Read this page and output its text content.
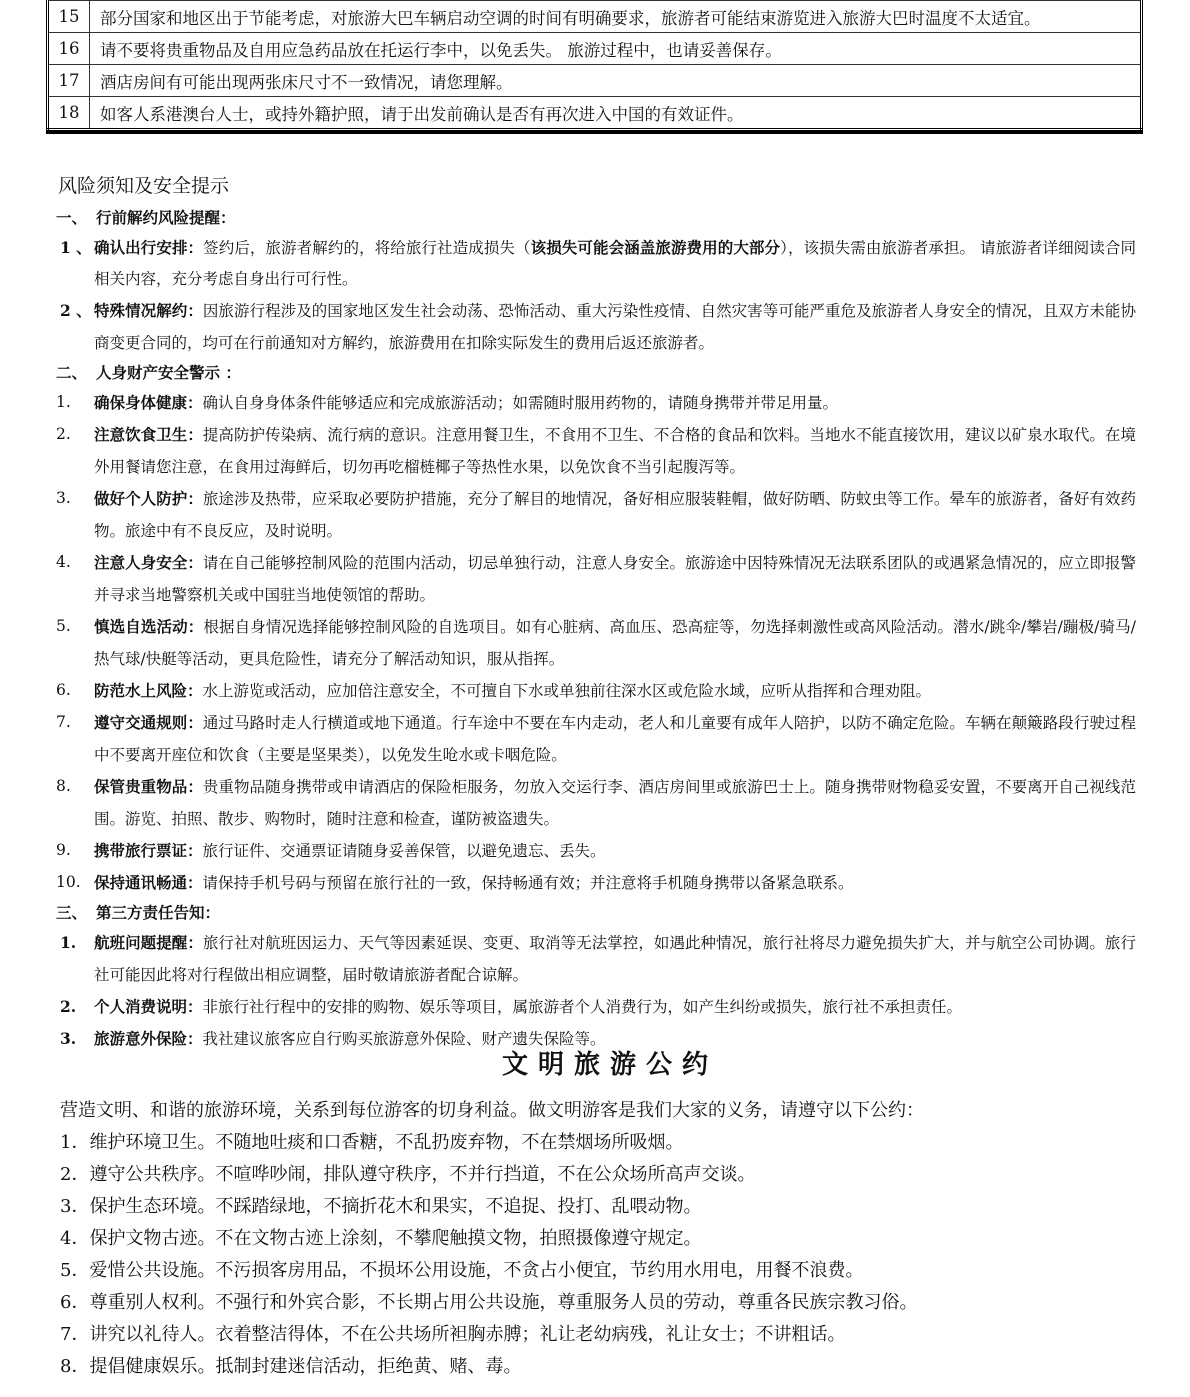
15	部分国家和地区出于节能考虑，对旅游大巴车辆启动空调的时间有明确要求，旅游者可能结束游览进入旅游大巴时温度不太适宜。
16	请不要将贵重物品及自用应急药品放在托运行李中，以免丢失。 旅游过程中，也请妥善保存。
17	酒店房间有可能出现两张床尺寸不一致情况，请您理解。
18	如客人系港澳台人士，或持外籍护照，请于出发前确认是否有再次进入中国的有效证件。
风险须知及安全提示
一、 行前解约风险提醒：
1 、 确认出行安排：签约后，旅游者解约的，将给旅行社造成损失（该损失可能会涵盖旅游费用的大部分），该损失需由旅游者承担。 请旅游者详细阅读合同相关内容，充分考虑自身出行可行性。
2 、 特殊情况解约：因旅游行程涉及的国家地区发生社会动荡、恐怖活动、重大污染性疫情、自然灾害等可能严重危及旅游者人身安全的情况，且双方未能协商变更合同的，均可在行前通知对方解约，旅游费用在扣除实际发生的费用后返还旅游者。
二、 人身财产安全警示 ：
1.	确保身体健康：确认自身身体条件能够适应和完成旅游活动；如需随时服用药物的，请随身携带并带足用量。
2.	注意饮食卫生：提高防护传染病、流行病的意识。注意用餐卫生，不食用不卫生、不合格的食品和饮料。当地水不能直接饮用，建议以矿泉水取代。在境外用餐请您注意，在食用过海鲜后，切勿再吃榴梿椰子等热性水果，以免饮食不当引起腹泻等。
3.	做好个人防护：旅途涉及热带，应采取必要防护措施，充分了解目的地情况，备好相应服装鞋帽，做好防晒、防蚊虫等工作。晕车的旅游者，备好有效药物。旅途中有不良反应，及时说明。
4.	注意人身安全：请在自己能够控制风险的范围内活动，切忌单独行动，注意人身安全。旅游途中因特殊情况无法联系团队的或遇紧急情况的，应立即报警并寻求当地警察机关或中国驻当地使领馆的帮助。
5.	慎选自选活动：根据自身情况选择能够控制风险的自选项目。如有心脏病、高血压、恐高症等，勿选择刺激性或高风险活动。潜水/跳伞/攀岩/蹦极/骑马/热气球/快艇等活动，更具危险性，请充分了解活动知识，服从指挥。
6.	防范水上风险：水上游览或活动，应加倍注意安全，不可擅自下水或单独前往深水区或危险水域，应听从指挥和合理劝阻。
7.	遵守交通规则：通过马路时走人行横道或地下通道。行车途中不要在车内走动，老人和儿童要有成年人陪护，以防不确定危险。车辆在颠簸路段行驶过程中不要离开座位和饮食（主要是坚果类），以免发生呛水或卡咽危险。
8.	保管贵重物品：贵重物品随身携带或申请酒店的保险柜服务，勿放入交运行李、酒店房间里或旅游巴士上。随身携带财物稳妥安置，不要离开自己视线范围。游览、拍照、散步、购物时，随时注意和检查，谨防被盗遗失。
9.	携带旅行票证：旅行证件、交通票证请随身妥善保管，以避免遗忘、丢失。
10. 保持通讯畅通：请保持手机号码与预留在旅行社的一致，保持畅通有效；并注意将手机随身携带以备紧急联系。
三、 第三方责任告知：
1.	航班问题提醒：旅行社对航班因运力、天气等因素延误、变更、取消等无法掌控，如遇此种情况，旅行社将尽力避免损失扩大，并与航空公司协调。旅行社可能因此将对行程做出相应调整，届时敬请旅游者配合谅解。
2.	个人消费说明：非旅行社行程中的安排的购物、娱乐等项目，属旅游者个人消费行为，如产生纠纷或损失，旅行社不承担责任。
3.	旅游意外保险：我社建议旅客应自行购买旅游意外保险、财产遗失保险等。
文明旅游公约
营造文明、和谐的旅游环境，关系到每位游客的切身利益。做文明游客是我们大家的义务，请遵守以下公约：
1．维护环境卫生。不随地吐痰和口香糖，不乱扔废弃物，不在禁烟场所吸烟。
2．遵守公共秩序。不喧哗吵闹，排队遵守秩序，不并行挡道，不在公众场所高声交谈。
3．保护生态环境。不踩踏绿地，不摘折花木和果实，不追捉、投打、乱喂动物。
4．保护文物古迹。不在文物古迹上涂刻，不攀爬触摸文物，拍照摄像遵守规定。
5．爱惜公共设施。不污损客房用品，不损坏公用设施，不贪占小便宜，节约用水用电，用餐不浪费。
6．尊重别人权利。不强行和外宾合影，不长期占用公共设施，尊重服务人员的劳动，尊重各民族宗教习俗。
7．讲究以礼待人。衣着整洁得体，不在公共场所袒胸赤膊；礼让老幼病残，礼让女士；不讲粗话。
8．提倡健康娱乐。抵制封建迷信活动，拒绝黄、赌、毒。
